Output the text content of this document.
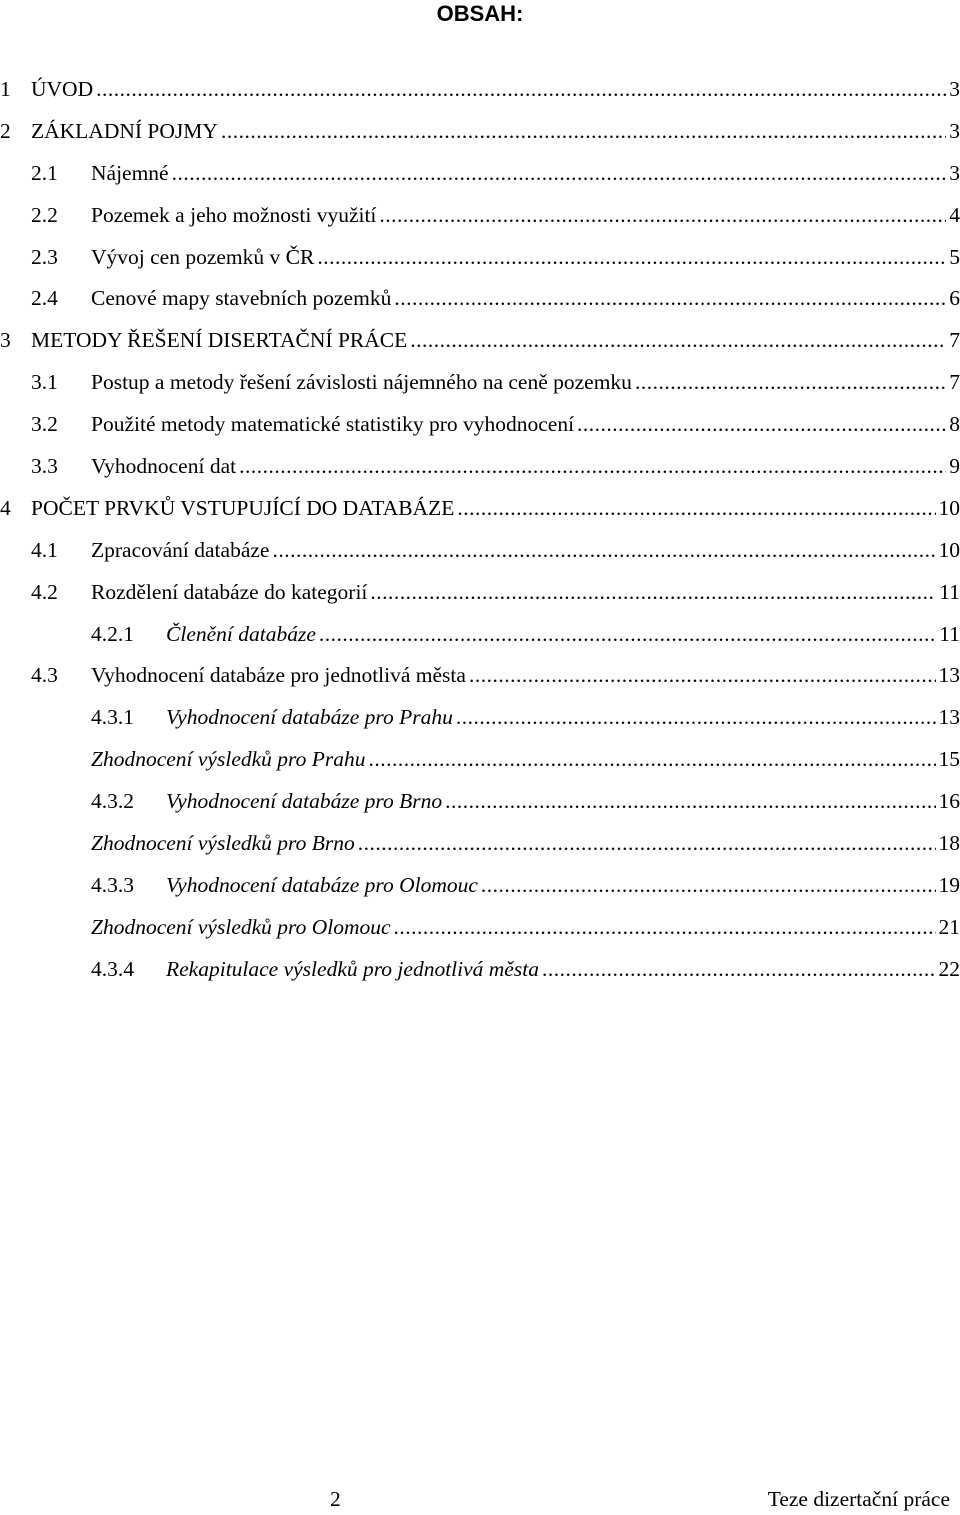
OBSAH:
1 ÚVOD .....	3
2 ZÁKLADNÍ POJMY .....	3
2.1 Nájemné .....	3
2.2 Pozemek a jeho možnosti využití .....	4
2.3 Vývoj cen pozemků v ČR .....	5
2.4 Cenové mapy stavebních pozemků .....	6
3 METODY ŘEŠENÍ DISERTAČNÍ PRÁCE .....	7
3.1 Postup a metody řešení závislosti nájemného na ceně pozemku .....	7
3.2 Použité metody matematické statistiky pro vyhodnocení .....	8
3.3 Vyhodnocení dat .....	9
4 POČET PRVKŮ VSTUPUJÍCÍ DO DATABÁZE .....	10
4.1 Zpracování databáze .....	10
4.2 Rozdělení databáze do kategorií .....	11
4.2.1 Členění databáze .....	11
4.3 Vyhodnocení databáze pro jednotlivá města .....	13
4.3.1 Vyhodnocení databáze pro Prahu .....	13
Zhodnocení výsledků pro Prahu .....	15
4.3.2 Vyhodnocení databáze pro Brno .....	16
Zhodnocení výsledků pro Brno .....	18
4.3.3 Vyhodnocení databáze pro Olomouc .....	19
Zhodnocení výsledků pro Olomouc .....	21
4.3.4 Rekapitulace výsledků pro jednotlivá města .....	22
2	Teze dizertační práce
